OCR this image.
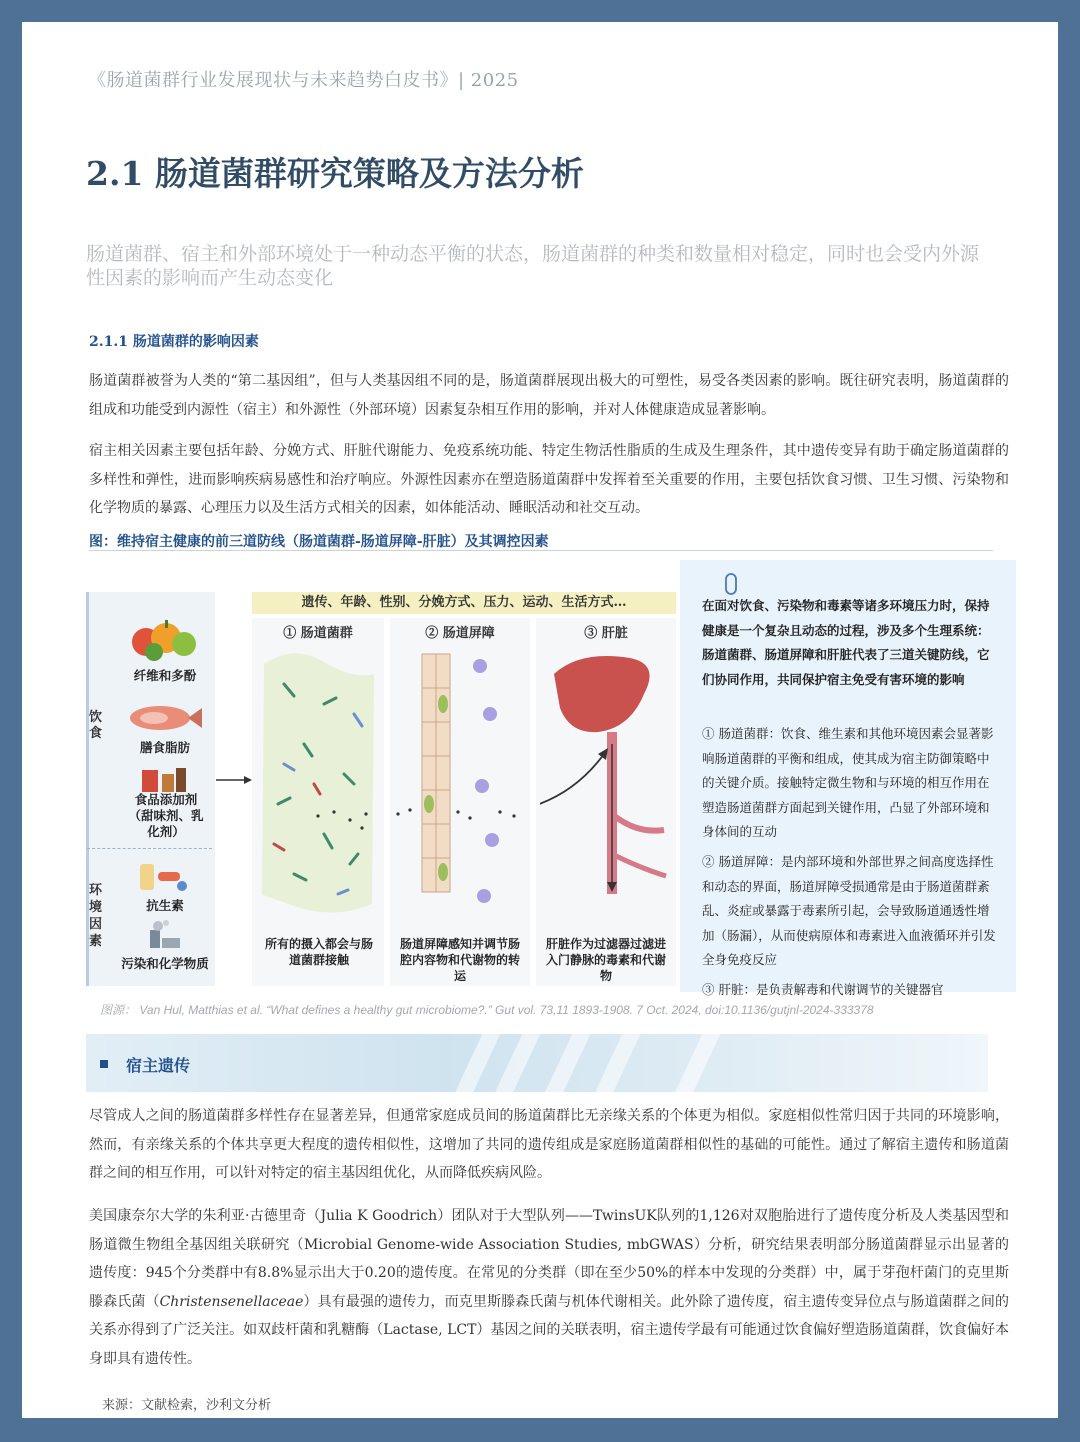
《肠道菌群行业发展现状与未来趋势白皮书》| 2025
2.1 肠道菌群研究策略及方法分析
肠道菌群、宿主和外部环境处于一种动态平衡的状态，肠道菌群的种类和数量相对稳定，同时也会受内外源性因素的影响而产生动态变化
2.1.1 肠道菌群的影响因素
肠道菌群被誉为人类的“第二基因组”，但与人类基因组不同的是，肠道菌群展现出极大的可塑性，易受各类因素的影响。既往研究表明，肠道菌群的组成和功能受到内源性（宿主）和外源性（外部环境）因素复杂相互作用的影响，并对人体健康造成显著影响。
宿主相关因素主要包括年龄、分娩方式、肝脏代谢能力、免疫系统功能、特定生物活性脂质的生成及生理条件，其中遗传变异有助于确定肠道菌群的多样性和弹性，进而影响疾病易感性和治疗响应。外源性因素亦在塑造肠道菌群中发挥着至关重要的作用，主要包括饮食习惯、卫生习惯、污染物和化学物质的暴露、心理压力以及生活方式相关的因素，如体能活动、睡眠活动和社交互动。
图：维持宿主健康的前三道防线（肠道菌群-肠道屏障-肝脏）及其调控因素
饮食
环境因素
纤维和多酚
膳食脂肪
食品添加剂（甜味剂、乳化剂）
抗生素
污染和化学物质
遗传、年龄、性别、分娩方式、压力、运动、生活方式…
① 肠道菌群
所有的摄入都会与肠道菌群接触
② 肠道屏障
肠道屏障感知并调节肠腔内容物和代谢物的转运
③ 肝脏
肝脏作为过滤器过滤进入门静脉的毒素和代谢物
在面对饮食、污染物和毒素等诸多环境压力时，保持健康是一个复杂且动态的过程，涉及多个生理系统：肠道菌群、肠道屏障和肝脏代表了三道关键防线，它们协同作用，共同保护宿主免受有害环境的影响
① 肠道菌群：饮食、维生素和其他环境因素会显著影响肠道菌群的平衡和组成，使其成为宿主防御策略中的关键介质。接触特定微生物和与环境的相互作用在塑造肠道菌群方面起到关键作用，凸显了外部环境和身体间的互动
② 肠道屏障：是内部环境和外部世界之间高度选择性和动态的界面，肠道屏障受损通常是由于肠道菌群紊乱、炎症或暴露于毒素所引起，会导致肠道通透性增加（肠漏），从而使病原体和毒素进入血液循环并引发全身免疫反应
③ 肝脏：是负责解毒和代谢调节的关键器官
图源： Van Hul, Matthias et al. “What defines a healthy gut microbiome?.” Gut vol. 73,11 1893-1908. 7 Oct. 2024, doi:10.1136/gutjnl-2024-333378
宿主遗传
尽管成人之间的肠道菌群多样性存在显著差异，但通常家庭成员间的肠道菌群比无亲缘关系的个体更为相似。家庭相似性常归因于共同的环境影响，然而，有亲缘关系的个体共享更大程度的遗传相似性，这增加了共同的遗传组成是家庭肠道菌群相似性的基础的可能性。通过了解宿主遗传和肠道菌群之间的相互作用，可以针对特定的宿主基因组优化，从而降低疾病风险。
美国康奈尔大学的朱利亚·古德里奇（Julia K Goodrich）团队对于大型队列——TwinsUK队列的1,126对双胞胎进行了遗传度分析及人类基因型和肠道微生物组全基因组关联研究（Microbial Genome-wide Association Studies, mbGWAS）分析，研究结果表明部分肠道菌群显示出显著的遗传度：945个分类群中有8.8%显示出大于0.20的遗传度。在常见的分类群（即在至少50%的样本中发现的分类群）中，属于芽孢杆菌门的克里斯滕森氏菌（Christensenellaceae）具有最强的遗传力，而克里斯滕森氏菌与机体代谢相关。此外除了遗传度，宿主遗传变异位点与肠道菌群之间的关系亦得到了广泛关注。如双歧杆菌和乳糖酶（Lactase, LCT）基因之间的关联表明，宿主遗传学最有可能通过饮食偏好塑造肠道菌群，饮食偏好本身即具有遗传性。
来源：文献检索，沙利文分析
